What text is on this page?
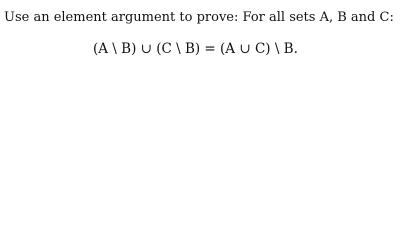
Use an element argument to prove: For all sets A, B and C:
(A \ B) ∪ (C \ B) = (A ∪ C) \ B.
